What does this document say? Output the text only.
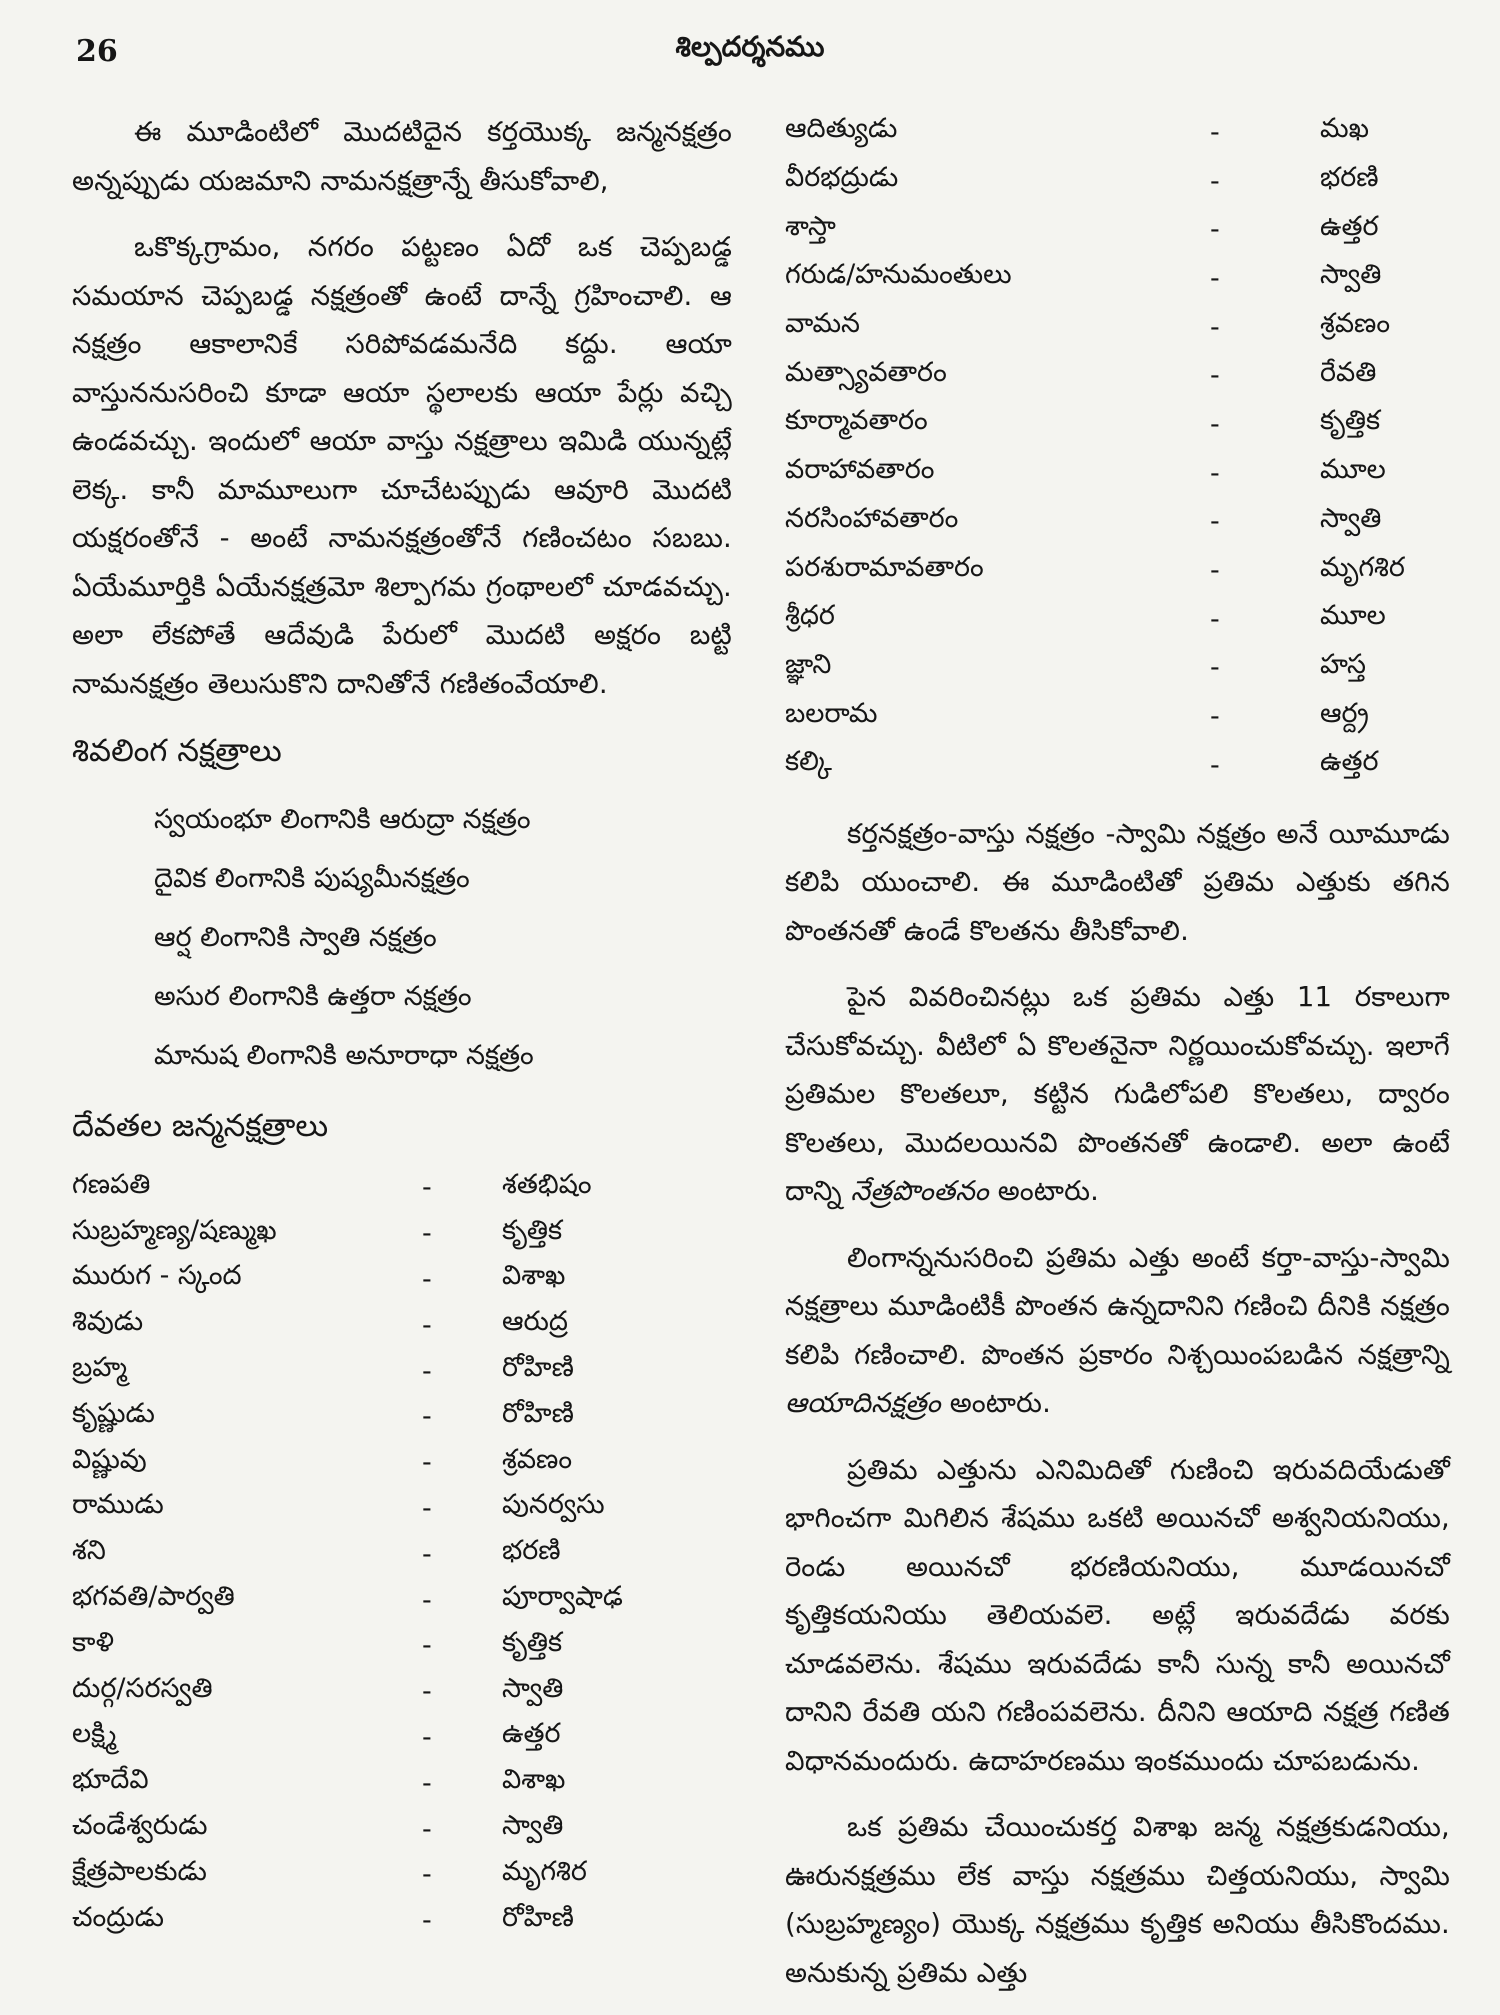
26	శిల్పదర్శనము

ఈ మూడింటిలో మొదటిదైన కర్తయొక్క జన్మనక్షత్రం అన్నప్పుడు యజమాని నామనక్షత్రాన్నే తీసుకోవాలి,

ఒకొక్కగ్రామం, నగరం పట్టణం ఏదో ఒక చెప్పబడ్డ సమయాన చెప్పబడ్డ నక్షత్రంతో ఉంటే దాన్నే గ్రహించాలి. ఆ నక్షత్రం ఆకాలానికే సరిపోవడమనేది కద్దు. ఆయా వాస్తుననుసరించి కూడా ఆయా స్థలాలకు ఆయా పేర్లు వచ్చి ఉండవచ్చు. ఇందులో ఆయా వాస్తు నక్షత్రాలు ఇమిడి యున్నట్లే లెక్క. కానీ మామూలుగా చూచేటప్పుడు ఆవూరి మొదటి యక్షరంతోనే - అంటే నామనక్షత్రంతోనే గణించటం సబబు. ఏయేమూర్తికి ఏయేనక్షత్రమో శిల్పాగమ గ్రంథాలలో చూడవచ్చు. అలా లేకపోతే ఆదేవుడి పేరులో మొదటి అక్షరం బట్టి నామనక్షత్రం తెలుసుకొని దానితోనే గణితంవేయాలి.

శివలింగ నక్షత్రాలు
స్వయంభూ లింగానికి ఆరుద్రా నక్షత్రం
దైవిక లింగానికి పుష్యమీనక్షత్రం
ఆర్ష లింగానికి స్వాతి నక్షత్రం
అసుర లింగానికి ఉత్తరా నక్షత్రం
మానుష లింగానికి అనూరాధా నక్షత్రం
దేవతల జన్మనక్షత్రాలు
గణపతి	-	శతభిషం
సుబ్రహ్మణ్య/షణ్ముఖ	-	కృత్తిక
మురుగ - స్కంద	-	విశాఖ
శివుడు	-	ఆరుద్ర
బ్రహ్మ	-	రోహిణి
కృష్ణుడు	-	రోహిణి
విష్ణువు	-	శ్రవణం
రాముడు	-	పునర్వసు
శని	-	భరణి
భగవతి/పార్వతి	-	పూర్వాషాఢ
కాళి	-	కృత్తిక
దుర్గ/సరస్వతి	-	స్వాతి
లక్ష్మి	-	ఉత్తర
భూదేవి	-	విశాఖ
చండేశ్వరుడు	-	స్వాతి
క్షేత్రపాలకుడు	-	మృగశిర
చంద్రుడు	-	రోహిణి
ఆదిత్యుడు	-	మఖ
వీరభద్రుడు	-	భరణి
శాస్తా	-	ఉత్తర
గరుడ/హనుమంతులు	-	స్వాతి
వామన	-	శ్రవణం
మత్స్యావతారం	-	రేవతి
కూర్మావతారం	-	కృత్తిక
వరాహావతారం	-	మూల
నరసింహావతారం	-	స్వాతి
పరశురామావతారం	-	మృగశిర
శ్రీధర	-	మూల
జ్ఞాని	-	హస్త
బలరామ	-	ఆర్ద్ర
కల్కి	-	ఉత్తర

కర్తనక్షత్రం-వాస్తు నక్షత్రం -స్వామి నక్షత్రం అనే యీమూడు కలిపి యుంచాలి. ఈ మూడింటితో ప్రతిమ ఎత్తుకు తగిన పొంతనతో ఉండే కొలతను తీసికోవాలి.

పైన వివరించినట్లు ఒక ప్రతిమ ఎత్తు 11 రకాలుగా చేసుకోవచ్చు. వీటిలో ఏ కొలతనైనా నిర్ణయించుకోవచ్చు. ఇలాగే ప్రతిమల కొలతలూ, కట్టిన గుడిలోపలి కొలతలు, ద్వారం కొలతలు, మొదలయినవి పొంతనతో ఉండాలి. అలా ఉంటే దాన్ని నేత్రపొంతనం అంటారు.

లింగాన్ననుసరించి ప్రతిమ ఎత్తు అంటే కర్తా-వాస్తు-స్వామి నక్షత్రాలు మూడింటికీ పొంతన ఉన్నదానిని గణించి దీనికి నక్షత్రం కలిపి గణించాలి. పొంతన ప్రకారం నిశ్చయింపబడిన నక్షత్రాన్ని ఆయాదినక్షత్రం అంటారు.

ప్రతిమ ఎత్తును ఎనిమిదితో గుణించి ఇరువదియేడుతో భాగించగా మిగిలిన శేషము ఒకటి అయినచో అశ్వనియనియు, రెండు అయినచో భరణియనియు, మూడయినచో కృత్తికయనియు తెలియవలె. అట్లే ఇరువదేడు వరకు చూడవలెను. శేషము ఇరువదేడు కానీ సున్న కానీ అయినచో దానిని రేవతి యని గణింపవలెను. దీనిని ఆయాది నక్షత్ర గణిత విధానమందురు. ఉదాహరణము ఇంకముందు చూపబడును.

ఒక ప్రతిమ చేయించుకర్త విశాఖ జన్మ నక్షత్రకుడనియు, ఊరునక్షత్రము లేక వాస్తు నక్షత్రము చిత్తయనియు, స్వామి (సుబ్రహ్మణ్యం) యొక్క నక్షత్రము కృత్తిక అనియు తీసికొందము. అనుకున్న ప్రతిమ ఎత్తు
